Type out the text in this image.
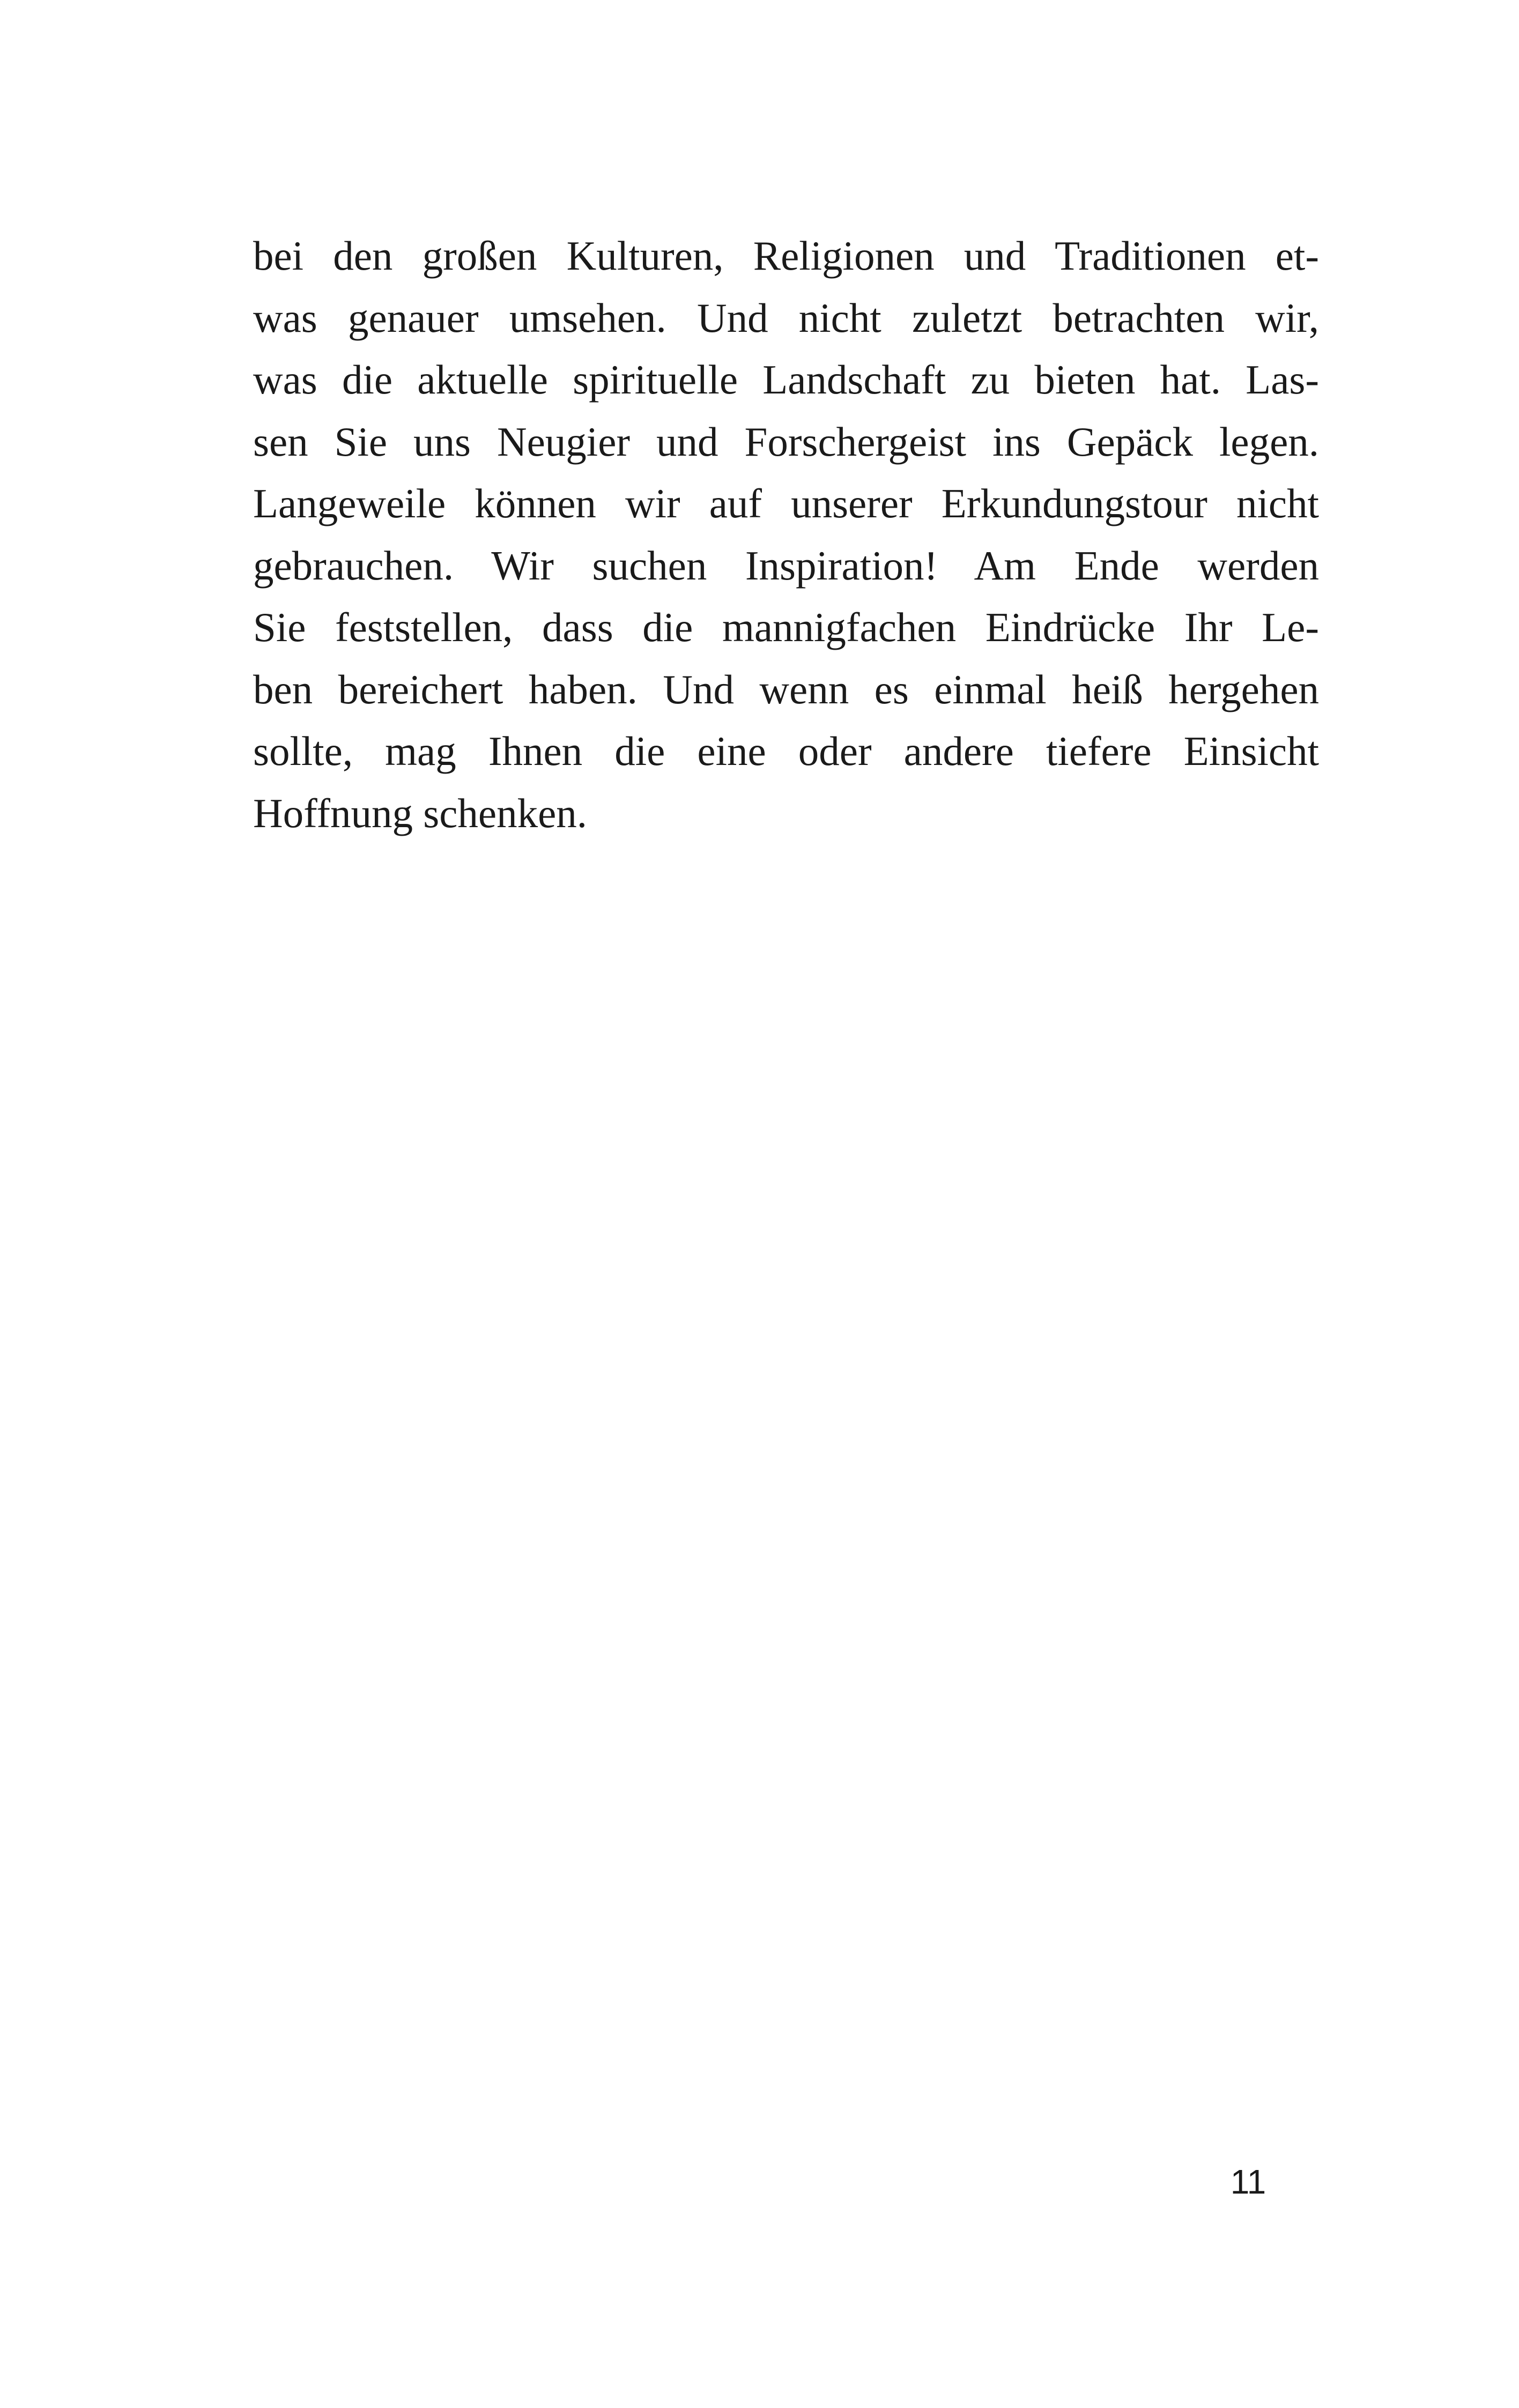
bei den großen Kulturen, Religionen und Traditionen et-
was genauer umsehen. Und nicht zuletzt betrachten wir,
was die aktuelle spirituelle Landschaft zu bieten hat. Las-
sen Sie uns Neugier und Forschergeist ins Gepäck legen.
Langeweile können wir auf unserer Erkundungstour nicht
gebrauchen. Wir suchen Inspiration! Am Ende werden
Sie feststellen, dass die mannigfachen Eindrücke Ihr Le-
ben bereichert haben. Und wenn es einmal heiß hergehen
sollte, mag Ihnen die eine oder andere tiefere Einsicht
Hoffnung schenken.
11
